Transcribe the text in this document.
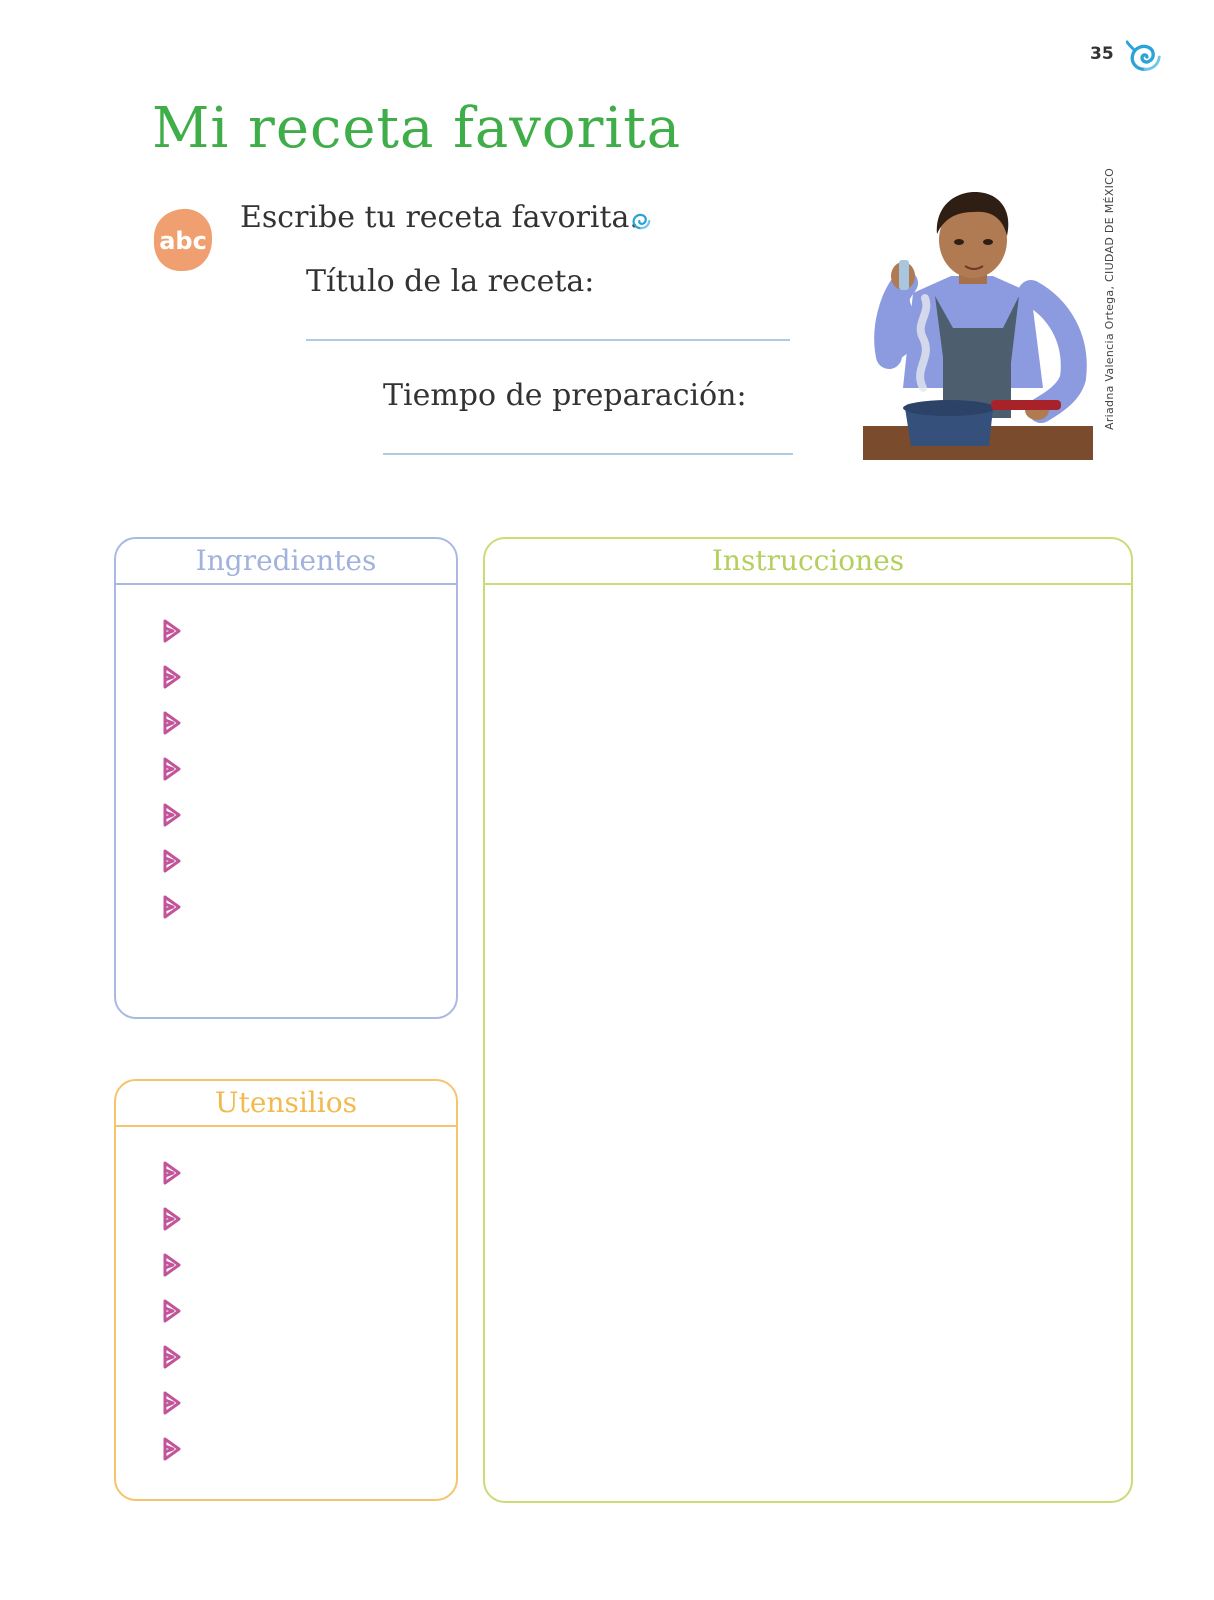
35
Mi receta favorita
abc
Escribe tu receta favorita.
Título de la receta:
Tiempo de preparación:	Ariadna Valencia Ortega, CIUDAD DE MÉXICO
Ingredientes
Utensilios
Instrucciones
